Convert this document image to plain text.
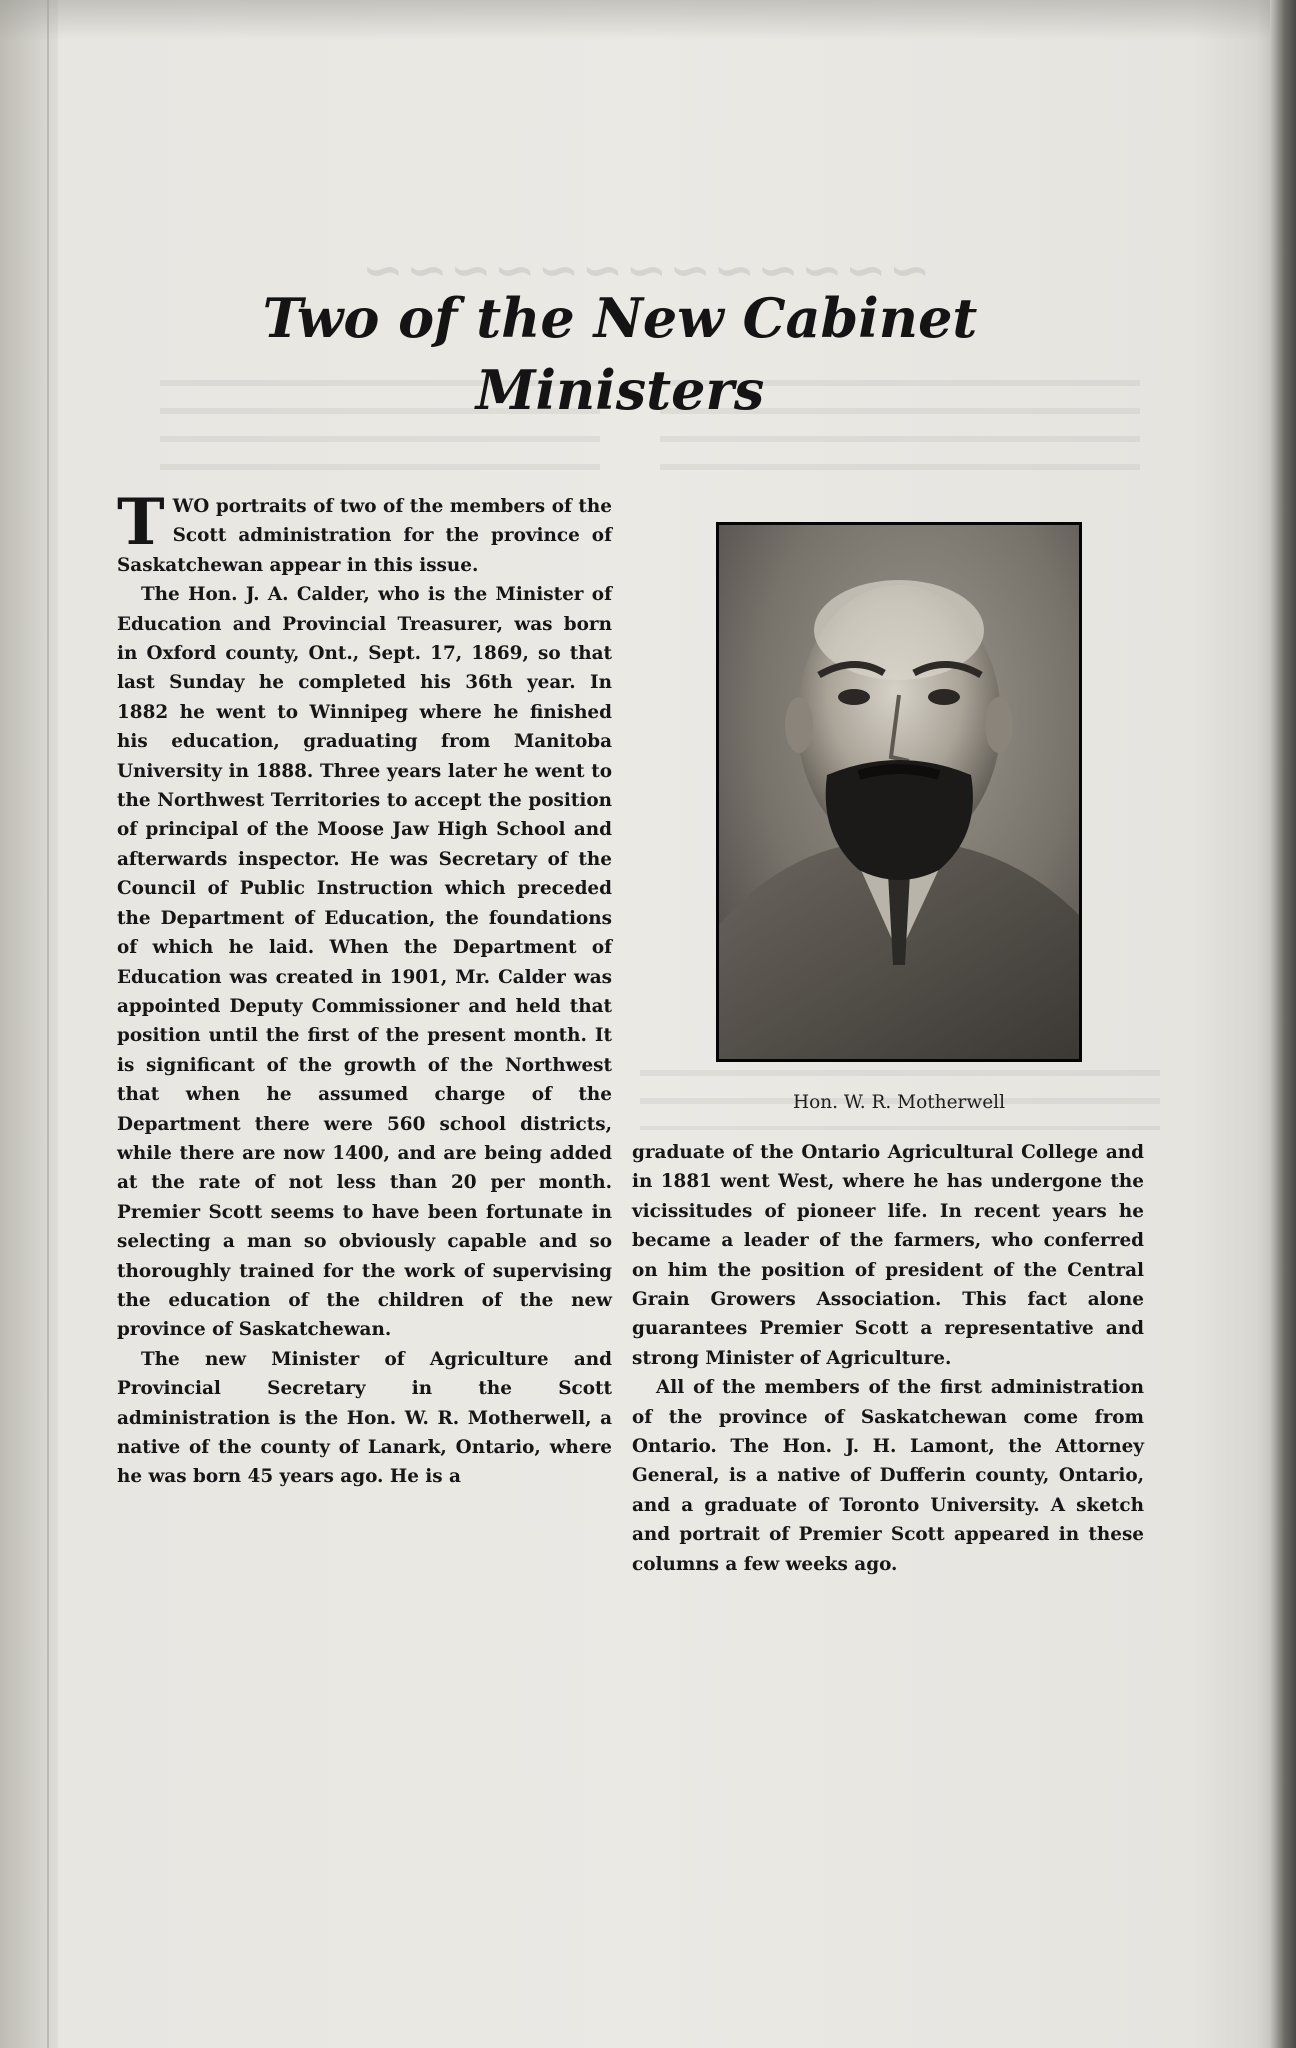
~~~~~~~~~~~~~
Two of the New Cabinet
Ministers

TWO portraits of two of the members of the Scott administration for the province of Saskatchewan appear in this issue.

The Hon. J. A. Calder, who is the Minister of Education and Provincial Treasurer, was born in Oxford county, Ont., Sept. 17, 1869, so that last Sunday he completed his 36th year. In 1882 he went to Winnipeg where he finished his education, graduating from Manitoba University in 1888. Three years later he went to the Northwest Territories to accept the position of principal of the Moose Jaw High School and afterwards inspector. He was Secretary of the Council of Public Instruction which preceded the Department of Education, the foundations of which he laid. When the Department of Education was created in 1901, Mr. Calder was appointed Deputy Commissioner and held that position until the first of the present month. It is significant of the growth of the Northwest that when he assumed charge of the Department there were 560 school districts, while there are now 1400, and are being added at the rate of not less than 20 per month. Premier Scott seems to have been fortunate in selecting a man so obviously capable and so thoroughly trained for the work of supervising the education of the children of the new province of Saskatchewan.

The new Minister of Agriculture and Provincial Secretary in the Scott administration is the Hon. W. R. Motherwell, a native of the county of Lanark, Ontario, where he was born 45 years ago. He is a

Hon. W. R. Motherwell

graduate of the Ontario Agricultural College and in 1881 went West, where he has undergone the vicissitudes of pioneer life. In recent years he became a leader of the farmers, who conferred on him the position of president of the Central Grain Growers Association. This fact alone guarantees Premier Scott a representative and strong Minister of Agriculture.

All of the members of the first administration of the province of Saskatchewan come from Ontario. The Hon. J. H. Lamont, the Attorney General, is a native of Dufferin county, Ontario, and a graduate of Toronto University. A sketch and portrait of Premier Scott appeared in these columns a few weeks ago.
